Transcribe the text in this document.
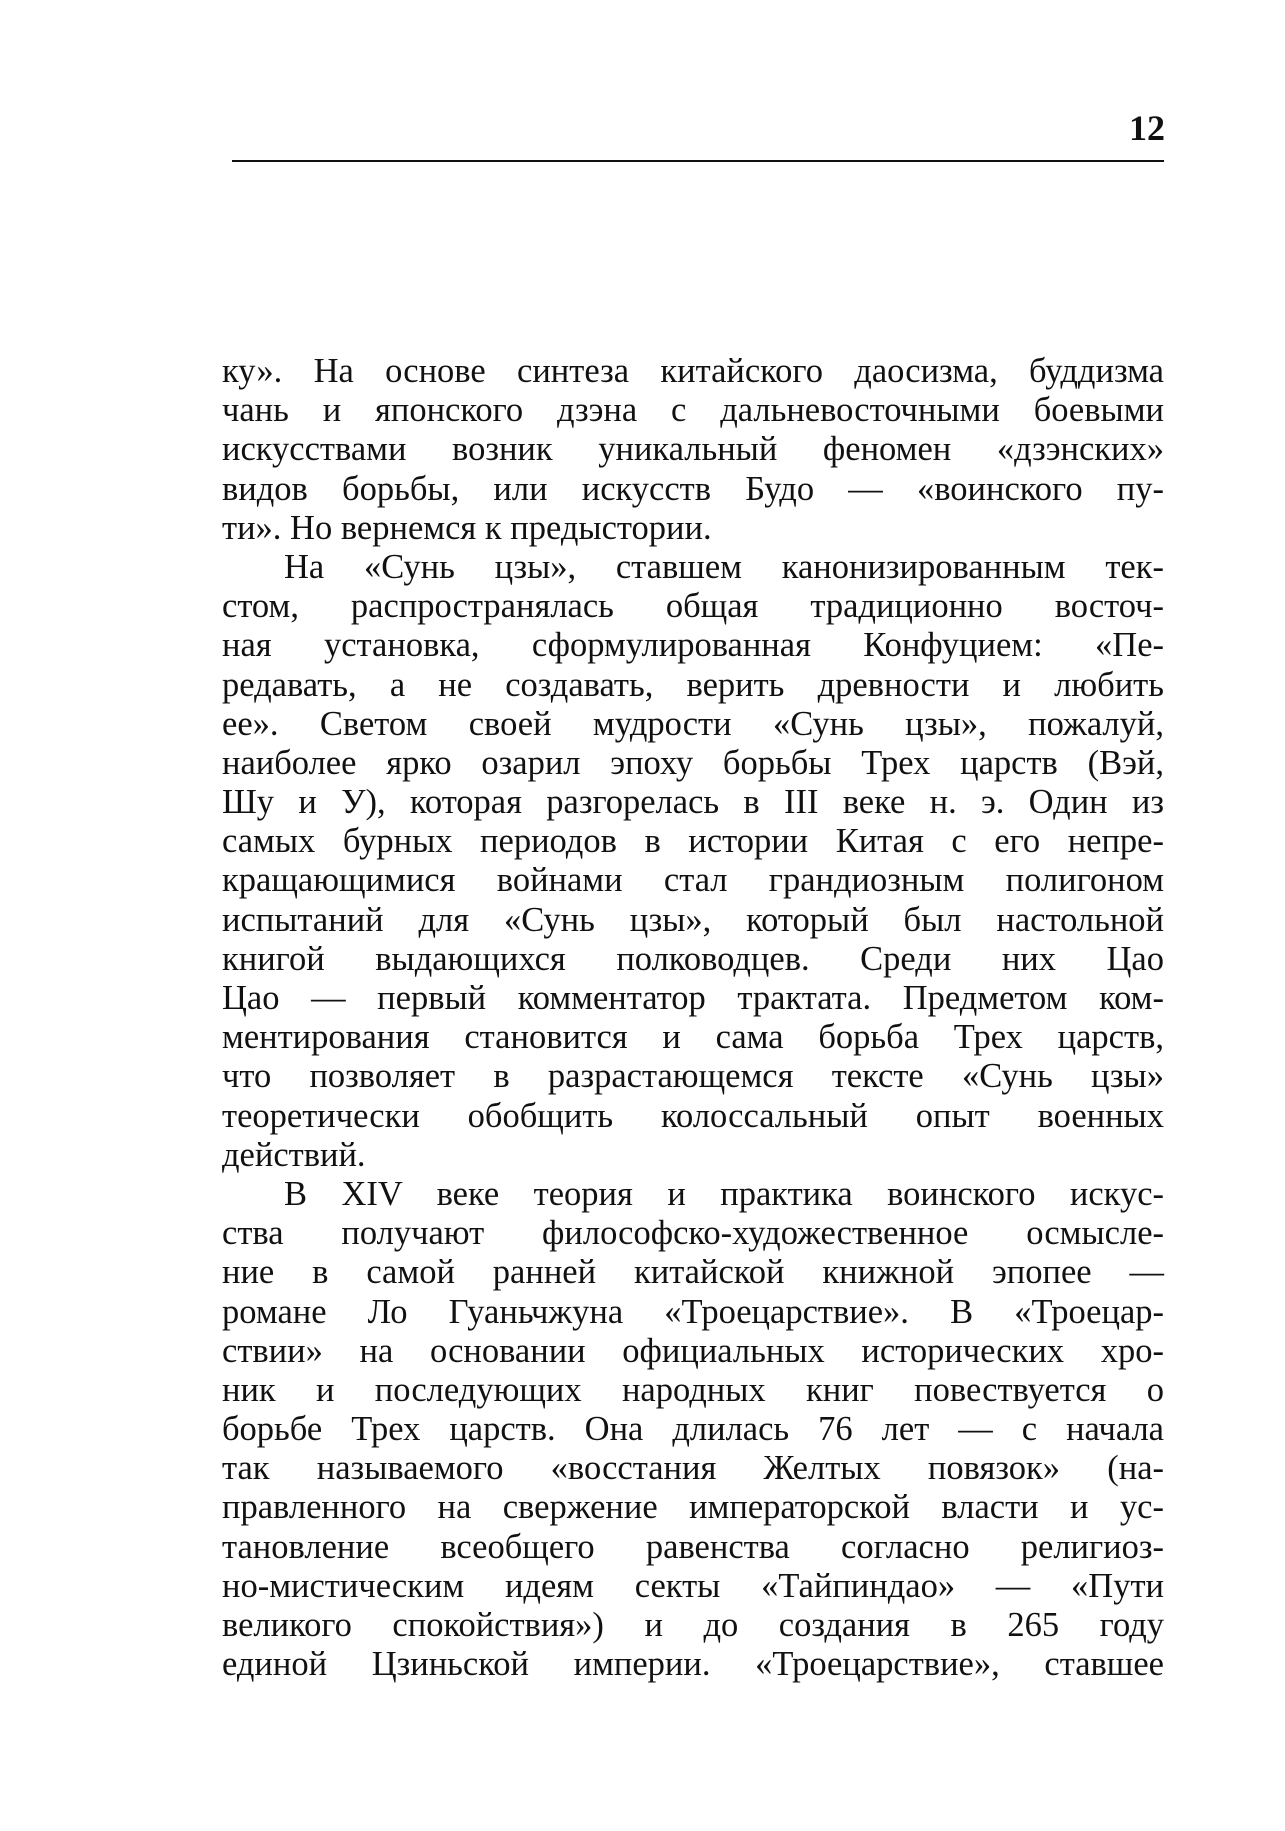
12
ку». На основе синтеза китайского даосизма, буддизма
чань и японского дзэна с дальневосточными боевыми
искусствами возник уникальный феномен «дзэнских»
видов борьбы, или искусств Будо — «воинского пу-
ти». Но вернемся к предыстории.
На «Сунь цзы», ставшем канонизированным тек-
стом, распространялась общая традиционно восточ-
ная установка, сформулированная Конфуцием: «Пе-
редавать, а не создавать, верить древности и любить
ее». Светом своей мудрости «Сунь цзы», пожалуй,
наиболее ярко озарил эпоху борьбы Трех царств (Вэй,
Шу и У), которая разгорелась в III веке н. э. Один из
самых бурных периодов в истории Китая с его непре-
кращающимися войнами стал грандиозным полигоном
испытаний для «Сунь цзы», который был настольной
книгой выдающихся полководцев. Среди них Цао
Цао — первый комментатор трактата. Предметом ком-
ментирования становится и сама борьба Трех царств,
что позволяет в разрастающемся тексте «Сунь цзы»
теоретически обобщить колоссальный опыт военных
действий.
В XIV веке теория и практика воинского искус-
ства получают философско-художественное осмысле-
ние в самой ранней китайской книжной эпопее —
романе Ло Гуаньчжуна «Троецарствие». В «Троецар-
ствии» на основании официальных исторических хро-
ник и последующих народных книг повествуется о
борьбе Трех царств. Она длилась 76 лет — с начала
так называемого «восстания Желтых повязок» (на-
правленного на свержение императорской власти и ус-
тановление всеобщего равенства согласно религиоз-
но-мистическим идеям секты «Тайпиндао» — «Пути
великого спокойствия») и до создания в 265 году
единой Цзиньской империи. «Троецарствие», ставшее
